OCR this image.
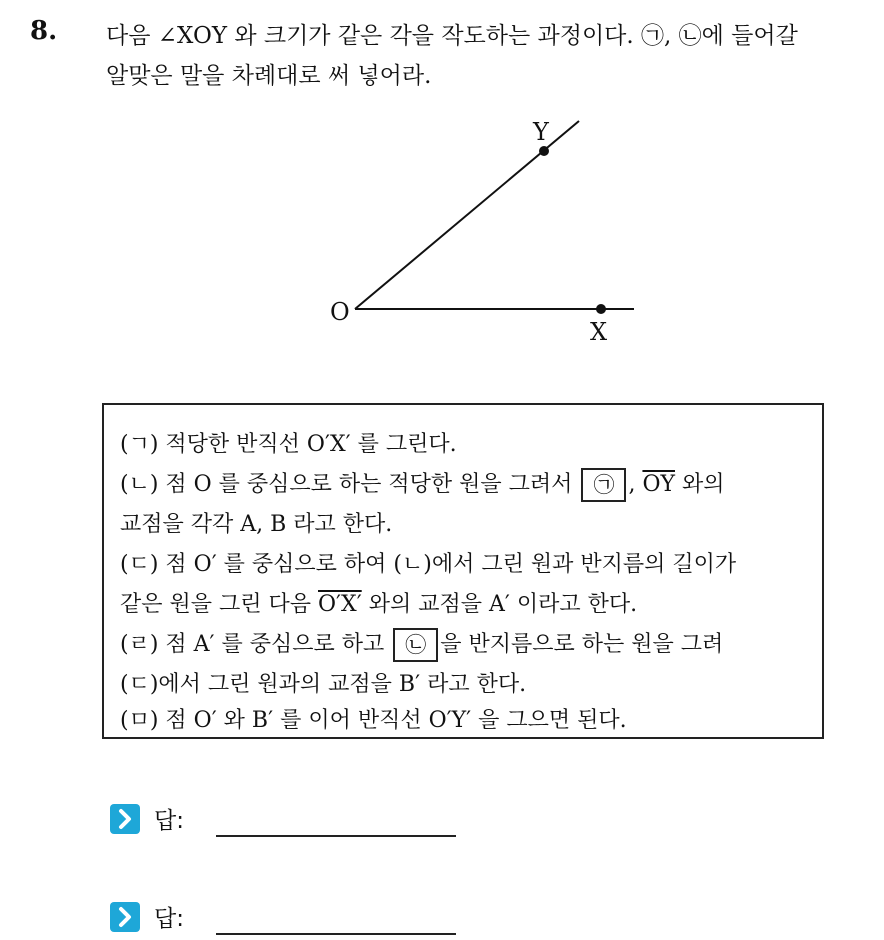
8. 다음 ∠XOY 와 크기가 같은 각을 작도하는 과정이다. ㉠, ㉡에 들어갈
알맞은 말을 차례대로 써 넣어라.
O
Y
X
(ㄱ) 적당한 반직선 O′X′ 를 그린다.
(ㄴ) 점 O 를 중심으로 하는 적당한 원을 그려서 ㉠ , $\overline{OY}$ 와의
교점을 각각 A, B 라고 한다.
(ㄷ) 점 O′ 를 중심으로 하여 (ㄴ)에서 그린 원과 반지름의 길이가
같은 원을 그린 다음 O′X′ 와의 교점을 A′ 이라고 한다.
(ㄹ) 점 A′ 를 중심으로 하고 ㉡ 을 반지름으로 하는 원을 그려
(ㄷ)에서 그린 원과의 교점을 B′ 라고 한다.
(ㅁ) 점 O′ 와 B′ 를 이어 반직선 O′Y′ 을 그으면 된다.
답:
답:
